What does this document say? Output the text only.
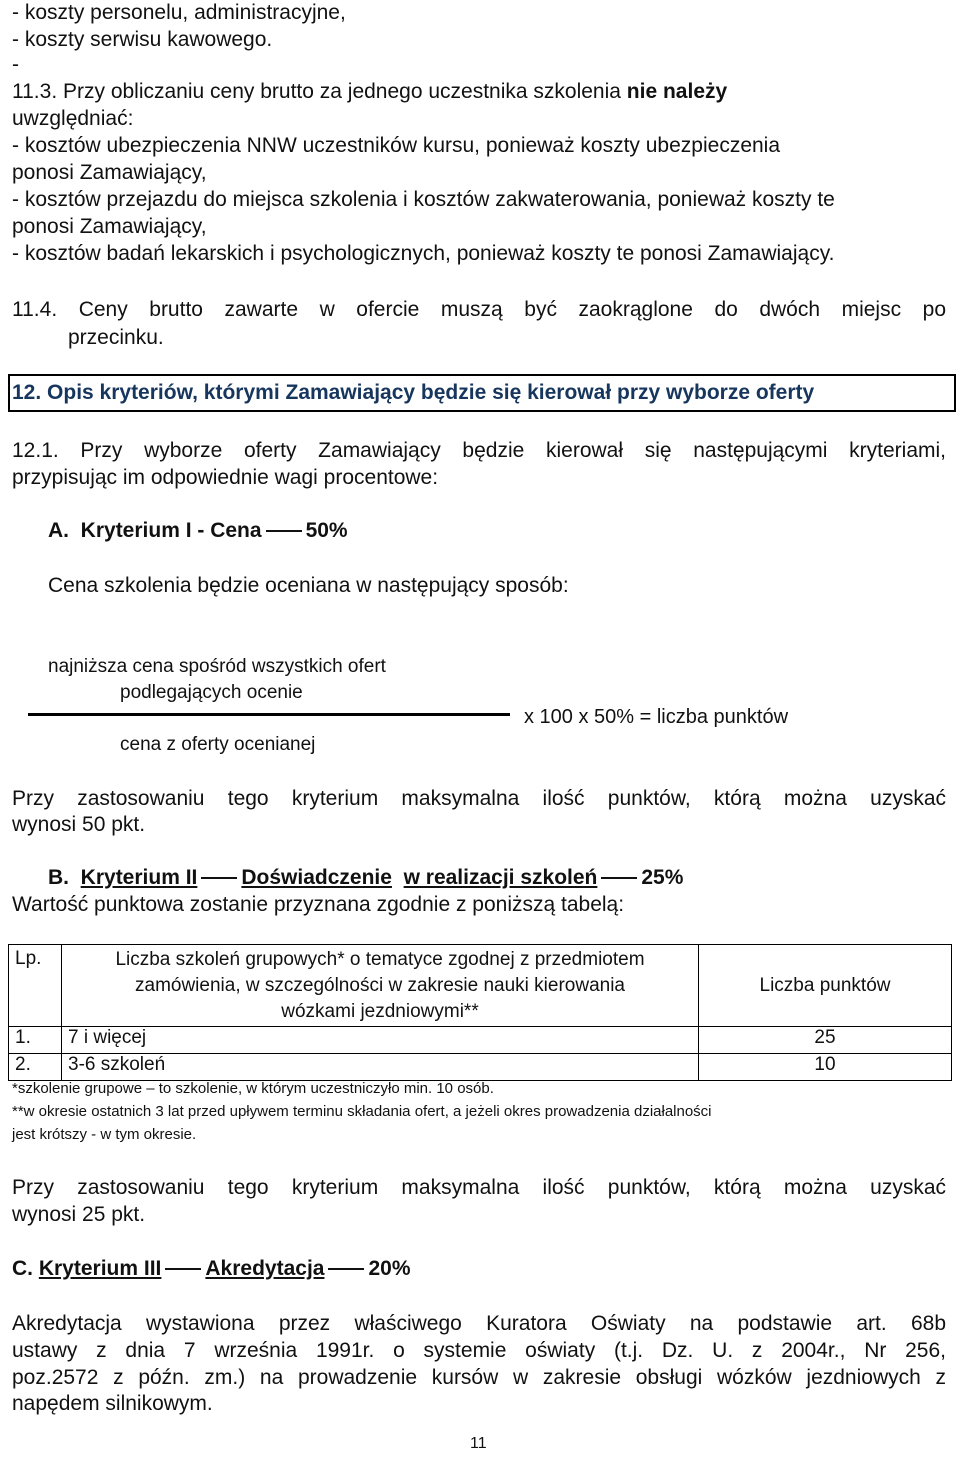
- koszty personelu, administracyjne,
- koszty serwisu kawowego.
-
11.3. Przy obliczaniu ceny brutto za jednego uczestnika szkolenia nie należy
uwzględniać:
- kosztów ubezpieczenia NNW uczestników kursu, ponieważ koszty ubezpieczenia
ponosi Zamawiający,
- kosztów przejazdu do miejsca szkolenia i kosztów zakwaterowania, ponieważ koszty te
ponosi Zamawiający,
- kosztów badań lekarskich i psychologicznych, ponieważ koszty te ponosi Zamawiający.
11.4. Ceny brutto zawarte w ofercie muszą być zaokrąglone do dwóch miejsc po
przecinku.
12. Opis kryteriów, którymi Zamawiający będzie się kierował przy wyborze oferty
12.1. Przy wyborze oferty Zamawiający będzie kierował się następującymi kryteriami,
przypisując im odpowiednie wagi procentowe:
A. Kryterium I - Cena 50%
Cena szkolenia będzie oceniana w następujący sposób:
najniższa cena spośród wszystkich ofert
podlegających ocenie
x 100 x 50% = liczba punktów
cena z oferty ocenianej
Przy zastosowaniu tego kryterium maksymalna ilość punktów, którą można uzyskać
wynosi 50 pkt.
B. Kryterium II Doświadczenie w realizacji szkoleń 25%
Wartość punktowa zostanie przyznana zgodnie z poniższą tabelą:
Lp.	Liczba szkoleń grupowych* o tematyce zgodnej z przedmiotem
zamówienia, w szczególności w zakresie nauki kierowania
wózkami jezdniowymi**	Liczba punktów
1.	7 i więcej	25
2.	3-6 szkoleń	10
*szkolenie grupowe – to szkolenie, w którym uczestniczyło min. 10 osób.
**w okresie ostatnich 3 lat przed upływem terminu składania ofert, a jeżeli okres prowadzenia działalności
jest krótszy - w tym okresie.
Przy zastosowaniu tego kryterium maksymalna ilość punktów, którą można uzyskać
wynosi 25 pkt.
C. Kryterium III Akredytacja 20%
Akredytacja wystawiona przez właściwego Kuratora Oświaty na podstawie art. 68b
ustawy z dnia 7 września 1991r. o systemie oświaty (t.j. Dz. U. z 2004r., Nr 256,
poz.2572 z późn. zm.) na prowadzenie kursów w zakresie obsługi wózków jezdniowych z
napędem silnikowym.
11
